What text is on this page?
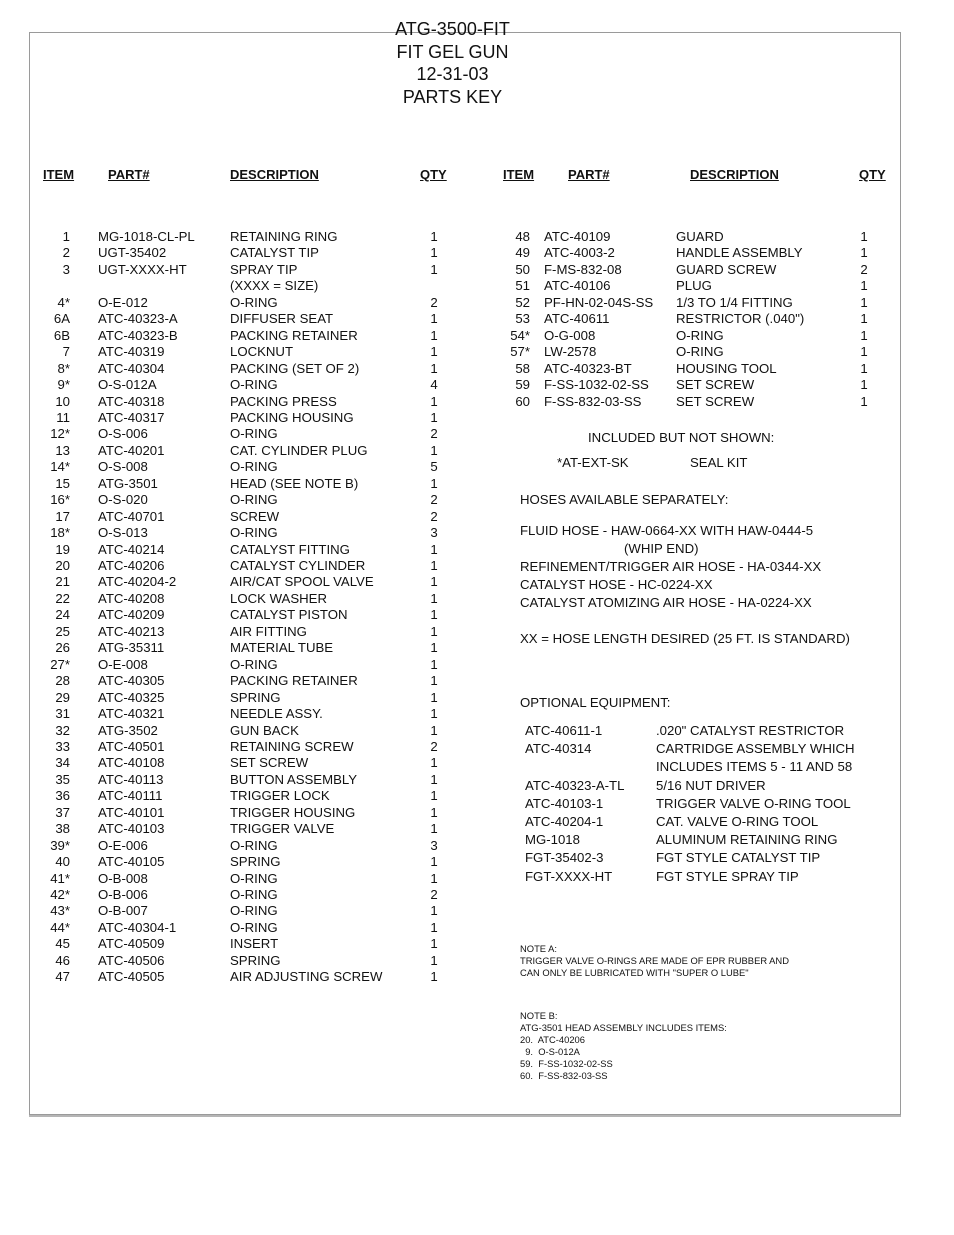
ATG-3500-FIT
FIT GEL GUN
12-31-03
PARTS KEY
ITEM	PART#	DESCRIPTION	QTY	ITEM	PART#	DESCRIPTION	QTY
1 MG-1018-CL-PL	RETAINING RING	1
2 UGT-35402	CATALYST TIP	1
3 UGT-XXXX-HT	SPRAY TIP	1
(XXXX = SIZE)
4* O-E-012	O-RING	2
6A ATC-40323-A	DIFFUSER SEAT	1
6B ATC-40323-B	PACKING RETAINER	1
7 ATC-40319	LOCKNUT	1
8* ATC-40304	PACKING (SET OF 2)	1
9* O-S-012A	O-RING	4
10 ATC-40318	PACKING PRESS	1
11 ATC-40317	PACKING HOUSING	1
12* O-S-006	O-RING	2
13 ATC-40201	CAT. CYLINDER PLUG	1
14* O-S-008	O-RING	5
15 ATG-3501	HEAD (SEE NOTE B)	1
16* O-S-020	O-RING	2
17 ATC-40701	SCREW	2
18* O-S-013	O-RING	3
19 ATC-40214	CATALYST FITTING	1
20 ATC-40206	CATALYST CYLINDER	1
21 ATC-40204-2	AIR/CAT SPOOL VALVE	1
22 ATC-40208	LOCK WASHER	1
24 ATC-40209	CATALYST PISTON	1
25 ATC-40213	AIR FITTING	1
26 ATG-35311	MATERIAL TUBE	1
27* O-E-008	O-RING	1
28 ATC-40305	PACKING RETAINER	1
29 ATC-40325	SPRING	1
31 ATC-40321	NEEDLE ASSY.	1
32 ATG-3502	GUN BACK	1
33 ATC-40501	RETAINING SCREW	2
34 ATC-40108	SET SCREW	1
35 ATC-40113	BUTTON ASSEMBLY	1
36 ATC-40111	TRIGGER LOCK	1
37 ATC-40101	TRIGGER HOUSING	1
38 ATC-40103	TRIGGER VALVE	1
39* O-E-006	O-RING	3
40 ATC-40105	SPRING	1
41* O-B-008	O-RING	1
42* O-B-006	O-RING	2
43* O-B-007	O-RING	1
44* ATC-40304-1	O-RING	1
45 ATC-40509	INSERT	1
46 ATC-40506	SPRING	1
47 ATC-40505	AIR ADJUSTING SCREW	1
48 ATC-40109	GUARD	1
49 ATC-4003-2	HANDLE ASSEMBLY	1
50 F-MS-832-08	GUARD SCREW	2
51 ATC-40106	PLUG	1
52 PF-HN-02-04S-SS 1/3 TO 1/4 FITTING	1
53 ATC-40611	RESTRICTOR (.040")	1
54* O-G-008	O-RING	1
57* LW-2578	O-RING	1
58 ATC-40323-BT	HOUSING TOOL	1
59 F-SS-1032-02-SS SET SCREW	1
60 F-SS-832-03-SS	SET SCREW	1
INCLUDED BUT NOT SHOWN:
*AT-EXT-SK	SEAL KIT
HOSES AVAILABLE SEPARATELY:
FLUID HOSE - HAW-0664-XX WITH HAW-0444-5
(WHIP END)
REFINEMENT/TRIGGER AIR HOSE - HA-0344-XX
CATALYST HOSE - HC-0224-XX
CATALYST ATOMIZING AIR HOSE - HA-0224-XX
XX = HOSE LENGTH DESIRED (25 FT. IS STANDARD)
OPTIONAL EQUIPMENT:
ATC-40611-1	.020" CATALYST RESTRICTOR
ATC-40314	CARTRIDGE ASSEMBLY WHICH
INCLUDES ITEMS 5 - 11 AND 58
ATC-40323-A-TL 5/16 NUT DRIVER
ATC-40103-1	TRIGGER VALVE O-RING TOOL
ATC-40204-1	CAT. VALVE O-RING TOOL
MG-1018	ALUMINUM RETAINING RING
FGT-35402-3	FGT STYLE CATALYST TIP
FGT-XXXX-HT	FGT STYLE SPRAY TIP
NOTE A:
TRIGGER VALVE O-RINGS ARE MADE OF EPR RUBBER AND
CAN ONLY BE LUBRICATED WITH "SUPER O LUBE"
NOTE B:
ATG-3501 HEAD ASSEMBLY INCLUDES ITEMS:
20.  ATC-40206
9.  O-S-012A
59.  F-SS-1032-02-SS
60.  F-SS-832-03-SS
